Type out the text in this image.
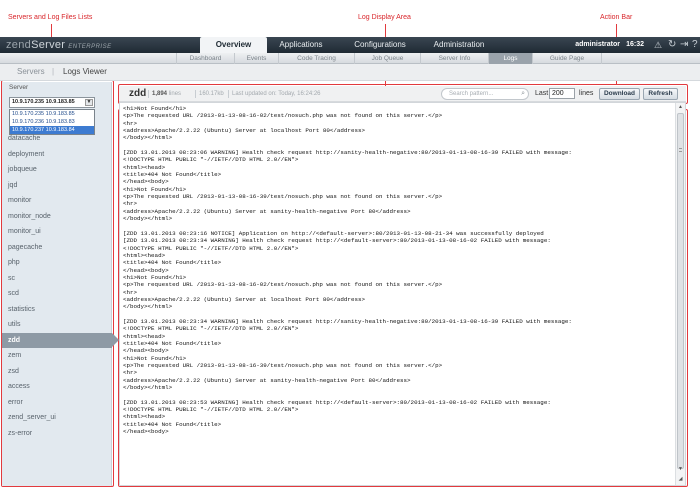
Servers and Log Files Lists	Log Display Area	Action Bar
zendServer ENTERPRISE	Overview	Applications	Configurations	Administration	administrator 16:32 ⚠ ↻ ⇥ ?
Dashboard	Events	Code Tracing	Job Queue	Server Info	Logs	Guide Page
Servers | Logs Viewer
Server
10.9.170.235 10.9.183.85	▼
10.9.170.235 10.9.183.85
10.9.170.236 10.9.183.83
10.9.170.237 10.9.183.84
datacache
deployment
jobqueue
jqd
monitor
monitor_node
monitor_ui
pagecache
php
sc
scd
statistics
utils
zdd
zem
zsd
access
error
zend_server_ui
zs-error
zdd 1,894 lines	160.17kb Last updated on: Today, 16:24:26	Search pattern...	⌕ Last 200	lines	Download	Refresh
<h1>Not Found</h1>
<p>The requested URL /2013-01-13-08-16-02/test/nosuch.php was not found on this server.</p>
<hr>
<address>Apache/2.2.22 (Ubuntu) Server at localhost Port 80</address>
</body></html>

[ZDD 13.01.2013 08:23:06 WARNING] Health check request http://sanity-health-negative:80/2013-01-13-08-16-39 FAILED with message:
<!DOCTYPE HTML PUBLIC "-//IETF//DTD HTML 2.0//EN">
<html><head>
<title>404 Not Found</title>
</head><body>
<h1>Not Found</h1>
<p>The requested URL /2013-01-13-08-16-39/test/nosuch.php was not found on this server.</p>
<hr>
<address>Apache/2.2.22 (Ubuntu) Server at sanity-health-negative Port 80</address>
</body></html>

[ZDD 13.01.2013 08:23:16 NOTICE] Application on http://<default-server>:80/2013-01-13-08-21-34 was successfully deployed
[ZDD 13.01.2013 08:23:34 WARNING] Health check request http://<default-server>:80/2013-01-13-08-16-02 FAILED with message:
<!DOCTYPE HTML PUBLIC "-//IETF//DTD HTML 2.0//EN">
<html><head>
<title>404 Not Found</title>
</head><body>
<h1>Not Found</h1>
<p>The requested URL /2013-01-13-08-16-02/test/nosuch.php was not found on this server.</p>
<hr>
<address>Apache/2.2.22 (Ubuntu) Server at localhost Port 80</address>
</body></html>

[ZDD 13.01.2013 08:23:34 WARNING] Health check request http://sanity-health-negative:80/2013-01-13-08-16-39 FAILED with message:
<!DOCTYPE HTML PUBLIC "-//IETF//DTD HTML 2.0//EN">
<html><head>
<title>404 Not Found</title>
</head><body>
<h1>Not Found</h1>
<p>The requested URL /2013-01-13-08-16-39/test/nosuch.php was not found on this server.</p>
<hr>
<address>Apache/2.2.22 (Ubuntu) Server at sanity-health-negative Port 80</address>
</body></html>

[ZDD 13.01.2013 08:23:53 WARNING] Health check request http://<default-server>:80/2013-01-13-08-16-02 FAILED with message:
<!DOCTYPE HTML PUBLIC "-//IETF//DTD HTML 2.0//EN">
<html><head>
<title>404 Not Found</title>
</head><body>
▲
▼
◢
